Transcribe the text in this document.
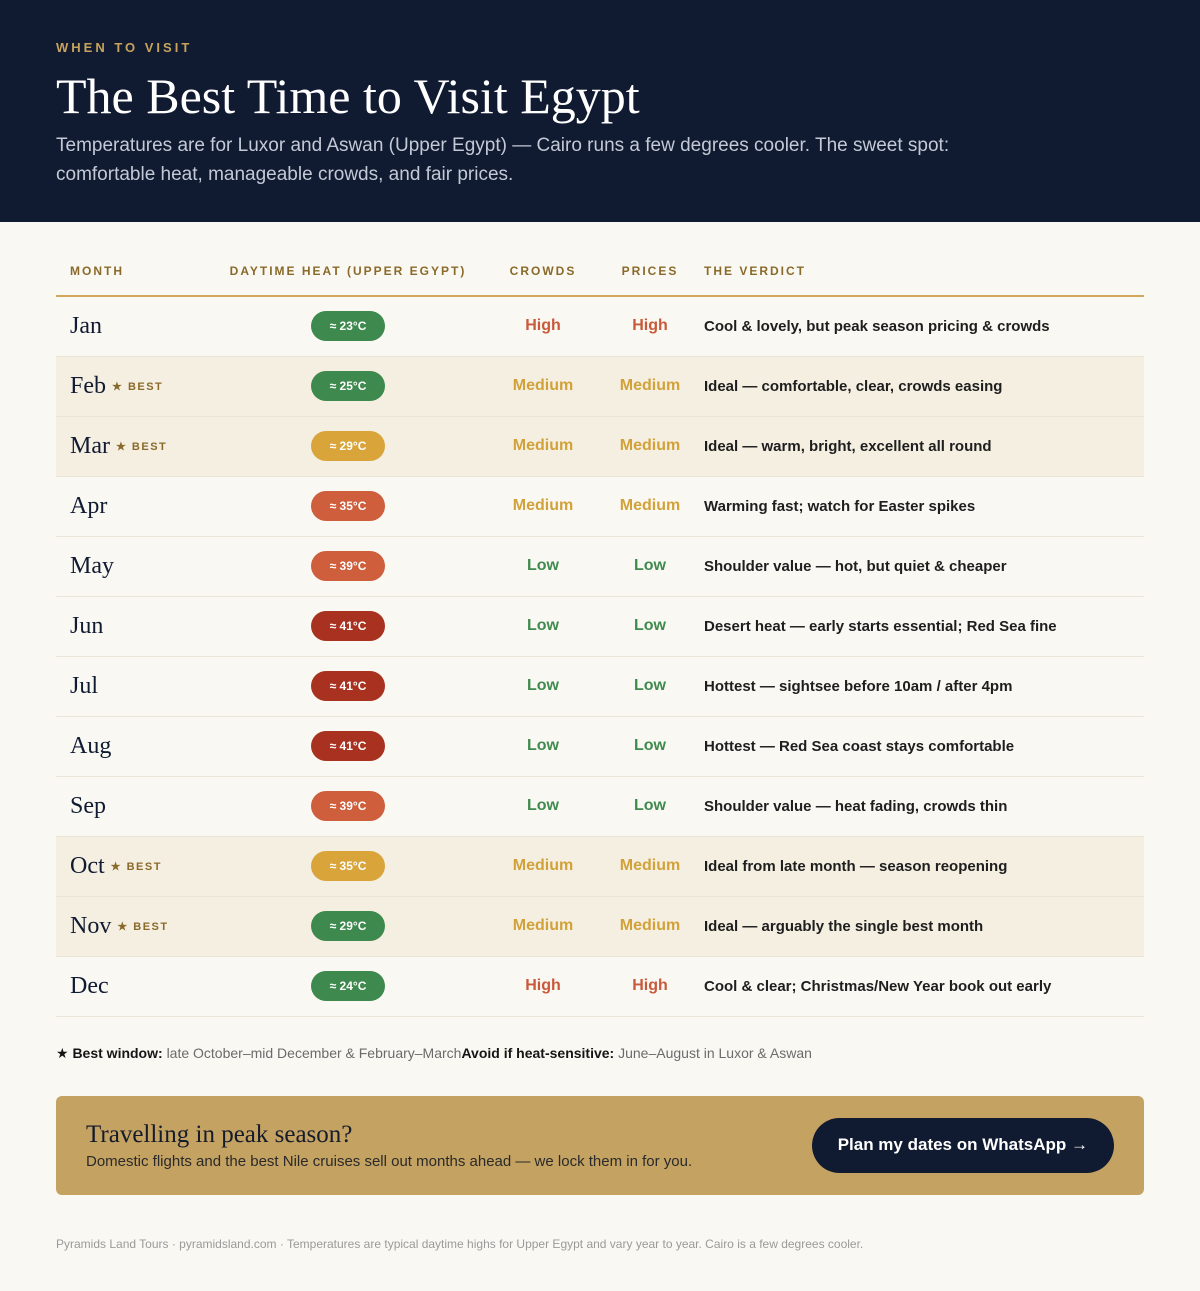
WHEN TO VISIT
The Best Time to Visit Egypt

Temperatures are for Luxor and Aswan (Upper Egypt) — Cairo runs a few degrees cooler. The sweet spot: comfortable heat, manageable crowds, and fair prices.

MONTH	DAYTIME HEAT (UPPER EGYPT)	CROWDS	PRICES	THE VERDICT
Jan	≈ 23°C	High	High	Cool & lovely, but peak season pricing & crowds
Feb ★ BEST	≈ 25°C	Medium	Medium	Ideal — comfortable, clear, crowds easing
Mar ★ BEST	≈ 29°C	Medium	Medium	Ideal — warm, bright, excellent all round
Apr	≈ 35°C	Medium	Medium	Warming fast; watch for Easter spikes
May	≈ 39°C	Low	Low	Shoulder value — hot, but quiet & cheaper
Jun	≈ 41°C	Low	Low	Desert heat — early starts essential; Red Sea fine
Jul	≈ 41°C	Low	Low	Hottest — sightsee before 10am / after 4pm
Aug	≈ 41°C	Low	Low	Hottest — Red Sea coast stays comfortable
Sep	≈ 39°C	Low	Low	Shoulder value — heat fading, crowds thin
Oct ★ BEST	≈ 35°C	Medium	Medium	Ideal from late month — season reopening
Nov ★ BEST	≈ 29°C	Medium	Medium	Ideal — arguably the single best month
Dec	≈ 24°C	High	High	Cool & clear; Christmas/New Year book out early
★ Best window: late October–mid December & February–MarchAvoid if heat-sensitive: June–August in Luxor & Aswan
Travelling in peak season?
Domestic flights and the best Nile cruises sell out months ahead — we lock them in for you.
Plan my dates on WhatsApp →
Pyramids Land Tours · pyramidsland.com · Temperatures are typical daytime highs for Upper Egypt and vary year to year. Cairo is a few degrees cooler.
